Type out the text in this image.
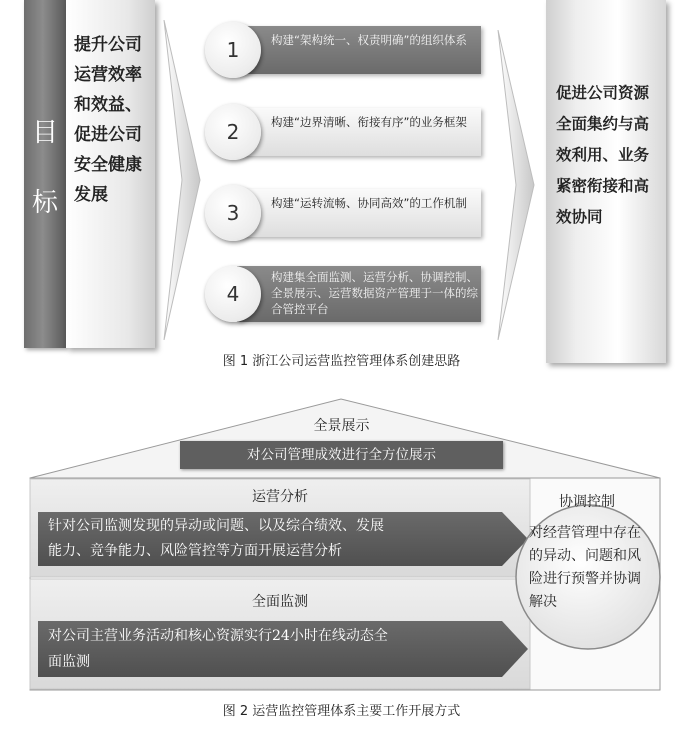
目
标
提升公司运营效率和效益、促进公司安全健康发展
构建“架构统一、权责明确”的组织体系
1
构建“边界清晰、衔接有序”的业务框架
2
构建“运转流畅、协同高效”的工作机制
3
构建集全面监测、运营分析、协调控制、全景展示、运营数据资产管理于一体的综合管控平台
4
促进公司资源全面集约与高效利用、业务紧密衔接和高效协同
图 1 浙江公司运营监控管理体系创建思路
全景展示
对公司管理成效进行全方位展示
运营分析
针对公司监测发现的异动或问题、以及综合绩效、发展
能力、竞争能力、风险管控等方面开展运营分析
全面监测
对公司主营业务活动和核心资源实行24小时在线动态全
面监测
协调控制
对经营管理中存在的异动、问题和风险进行预警并协调解决
图 2 运营监控管理体系主要工作开展方式
